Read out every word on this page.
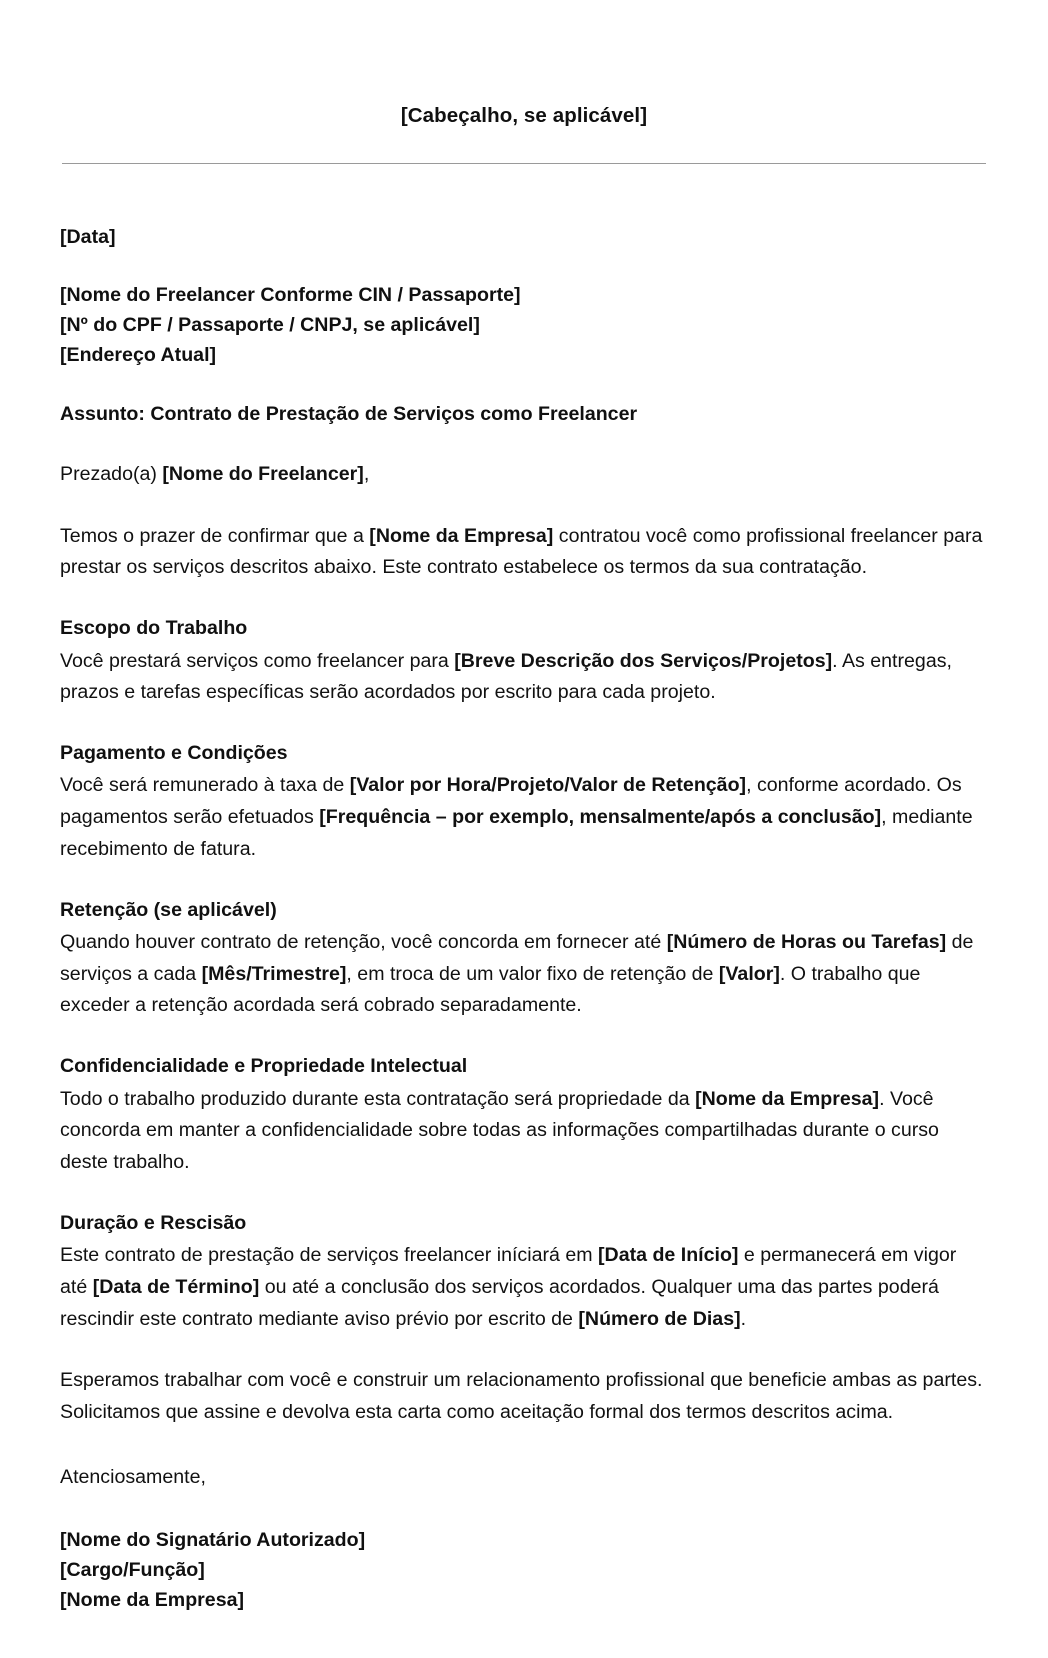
[Cabeçalho, se aplicável]
[Data]
[Nome do Freelancer Conforme CIN / Passaporte]
[Nº do CPF / Passaporte / CNPJ, se aplicável]
[Endereço Atual]
Assunto: Contrato de Prestação de Serviços como Freelancer
Prezado(a) [Nome do Freelancer],
Temos o prazer de confirmar que a [Nome da Empresa] contratou você como profissional freelancer para prestar os serviços descritos abaixo. Este contrato estabelece os termos da sua contratação.
Escopo do Trabalho
Você prestará serviços como freelancer para [Breve Descrição dos Serviços/Projetos]. As entregas, prazos e tarefas específicas serão acordados por escrito para cada projeto.
Pagamento e Condições
Você será remunerado à taxa de [Valor por Hora/Projeto/Valor de Retenção], conforme acordado. Os pagamentos serão efetuados [Frequência – por exemplo, mensalmente/após a conclusão], mediante recebimento de fatura.
Retenção (se aplicável)
Quando houver contrato de retenção, você concorda em fornecer até [Número de Horas ou Tarefas] de serviços a cada [Mês/Trimestre], em troca de um valor fixo de retenção de [Valor]. O trabalho que exceder a retenção acordada será cobrado separadamente.
Confidencialidade e Propriedade Intelectual
Todo o trabalho produzido durante esta contratação será propriedade da [Nome da Empresa]. Você concorda em manter a confidencialidade sobre todas as informações compartilhadas durante o curso deste trabalho.
Duração e Rescisão
Este contrato de prestação de serviços freelancer iníciará em [Data de Início] e permanecerá em vigor até [Data de Término] ou até a conclusão dos serviços acordados. Qualquer uma das partes poderá rescindir este contrato mediante aviso prévio por escrito de [Número de Dias].
Esperamos trabalhar com você e construir um relacionamento profissional que beneficie ambas as partes. Solicitamos que assine e devolva esta carta como aceitação formal dos termos descritos acima.
Atenciosamente,
[Nome do Signatário Autorizado]
[Cargo/Função]
[Nome da Empresa]
